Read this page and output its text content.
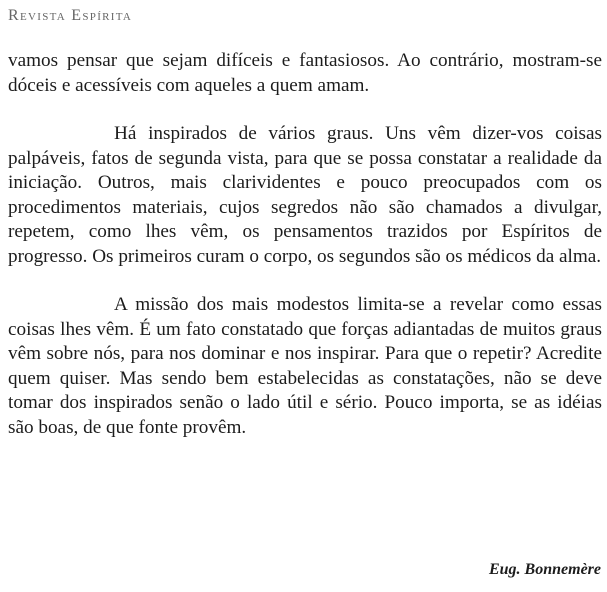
Revista Espírita

vamos pensar que sejam difíceis e fantasiosos. Ao contrário, mostram-se dóceis e acessíveis com aqueles a quem amam.

Há inspirados de vários graus. Uns vêm dizer-vos coisas palpáveis, fatos de segunda vista, para que se possa constatar a realidade da iniciação. Outros, mais clarividentes e pouco preocupados com os procedimentos materiais, cujos segredos não são chamados a divulgar, repetem, como lhes vêm, os pensamentos trazidos por Espíritos de progresso. Os primeiros curam o corpo, os segundos são os médicos da alma.

A missão dos mais modestos limita-se a revelar como essas coisas lhes vêm. É um fato constatado que forças adiantadas de muitos graus vêm sobre nós, para nos dominar e nos inspirar. Para que o repetir? Acredite quem quiser. Mas sendo bem estabelecidas as constatações, não se deve tomar dos inspirados senão o lado útil e sério. Pouco importa, se as idéias são boas, de que fonte provêm.

Eug. Bonnemère
